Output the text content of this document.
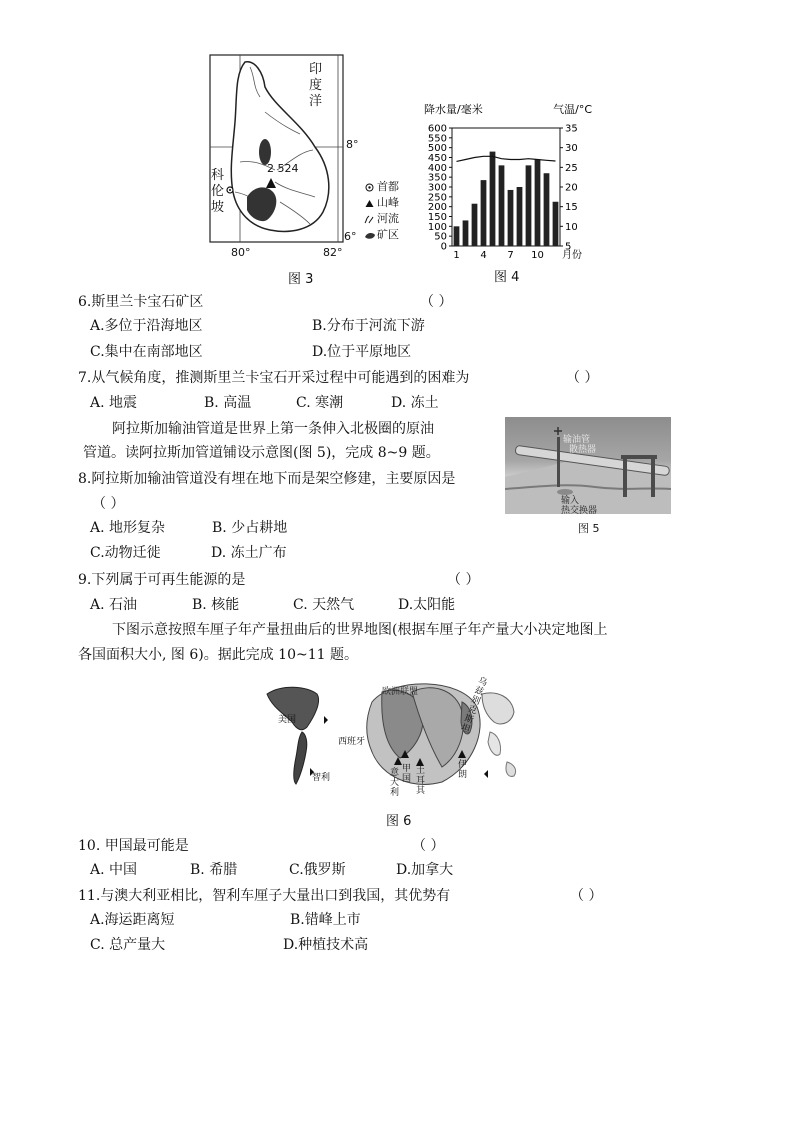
印度洋
2 524
科伦坡
8°
6°
80°	82°
首都
山峰
河流
矿区
图 3
降水量/毫米	气温/°C
0
50
100
150
200
250
300
350
400
450
500
550
600
5
10
15
20
25
30
35
1 4 7 10 月份
图 4
6.斯里兰卡宝石矿区	（ ）
A.多位于沿海地区	B.分布于河流下游
C.集中在南部地区	D.位于平原地区
7.从气候角度，推测斯里兰卡宝石开采过程中可能遇到的困难为	（ ）
A. 地震	B. 高温	C. 寒潮	D. 冻土
阿拉斯加输油管道是世界上第一条伸入北极圈的原油
管道。读阿拉斯加管道铺设示意图(图 5)，完成 8~9 题。
输油管
散热器
输入
热交换器
图 5
8.阿拉斯加输油管道没有埋在地下而是架空修建，主要原因是
（ ）
A. 地形复杂	B. 少占耕地
C.动物迁徙	D. 冻土广布
9.下列属于可再生能源的是	（ ）
A. 石油	B. 核能	C. 天然气	D.太阳能
下图示意按照车厘子年产量扭曲后的世界地图(根据车厘子年产量大小决定地图上
各国面积大小, 图 6)。据此完成 10~11 题。
美国
智利
西班牙
意大利
甲国
土耳其
伊朗
欧洲联盟
乌兹别克斯坦
图 6
10. 甲国最可能是	（ ）
A. 中国	B. 希腊	C.俄罗斯	D.加拿大
11.与澳大利亚相比，智利车厘子大量出口到我国，其优势有	（ ）
A.海运距离短	B.错峰上市
C. 总产量大	D.种植技术高
